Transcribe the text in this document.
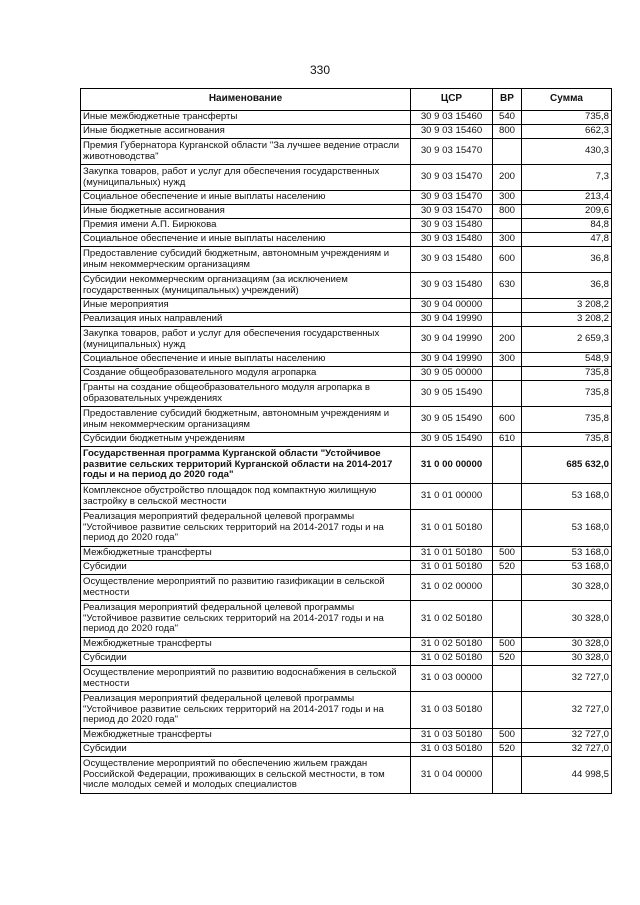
330
Наименование	ЦСР	ВР	Сумма
Иные межбюджетные трансферты	30 9 03 15460	540	735,8
Иные бюджетные ассигнования	30 9 03 15460	800	662,3
Премия Губернатора Курганской области "За лучшее ведение отрасли животноводства"	30 9 03 15470		430,3
Закупка товаров, работ и услуг для обеспечения государственных (муниципальных) нужд	30 9 03 15470	200	7,3
Социальное обеспечение и иные выплаты населению	30 9 03 15470	300	213,4
Иные бюджетные ассигнования	30 9 03 15470	800	209,6
Премия имени А.П. Бирюкова	30 9 03 15480		84,8
Социальное обеспечение и иные выплаты населению	30 9 03 15480	300	47,8
Предоставление субсидий бюджетным, автономным учреждениям и иным некоммерческим организациям	30 9 03 15480	600	36,8
Субсидии некоммерческим организациям (за исключением государственных (муниципальных) учреждений)	30 9 03 15480	630	36,8
Иные мероприятия	30 9 04 00000		3 208,2
Реализация иных направлений	30 9 04 19990		3 208,2
Закупка товаров, работ и услуг для обеспечения государственных (муниципальных) нужд	30 9 04 19990	200	2 659,3
Социальное обеспечение и иные выплаты населению	30 9 04 19990	300	548,9
Создание общеобразовательного модуля агропарка	30 9 05 00000		735,8
Гранты на создание общеобразовательного модуля агропарка в образовательных учреждениях	30 9 05 15490		735,8
Предоставление субсидий бюджетным, автономным учреждениям и иным некоммерческим организациям	30 9 05 15490	600	735,8
Субсидии бюджетным учреждениям	30 9 05 15490	610	735,8
Государственная программа Курганской области "Устойчивое развитие сельских территорий Курганской области на 2014-2017 годы и на период до 2020 года"	31 0 00 00000		685 632,0
Комплексное обустройство площадок под компактную жилищную застройку в сельской местности	31 0 01 00000		53 168,0
Реализация мероприятий федеральной целевой программы "Устойчивое развитие сельских территорий на 2014-2017 годы и на период до 2020 года"	31 0 01 50180		53 168,0
Межбюджетные трансферты	31 0 01 50180	500	53 168,0
Субсидии	31 0 01 50180	520	53 168,0
Осуществление мероприятий по развитию газификации в сельской местности	31 0 02 00000		30 328,0
Реализация мероприятий федеральной целевой программы "Устойчивое развитие сельских территорий на 2014-2017 годы и на период до 2020 года"	31 0 02 50180		30 328,0
Межбюджетные трансферты	31 0 02 50180	500	30 328,0
Субсидии	31 0 02 50180	520	30 328,0
Осуществление мероприятий по развитию водоснабжения в сельской местности	31 0 03 00000		32 727,0
Реализация мероприятий федеральной целевой программы "Устойчивое развитие сельских территорий на 2014-2017 годы и на период до 2020 года"	31 0 03 50180		32 727,0
Межбюджетные трансферты	31 0 03 50180	500	32 727,0
Субсидии	31 0 03 50180	520	32 727,0
Осуществление мероприятий по обеспечению жильем граждан Российской Федерации, проживающих в сельской местности, в том числе молодых семей и молодых специалистов	31 0 04 00000		44 998,5
